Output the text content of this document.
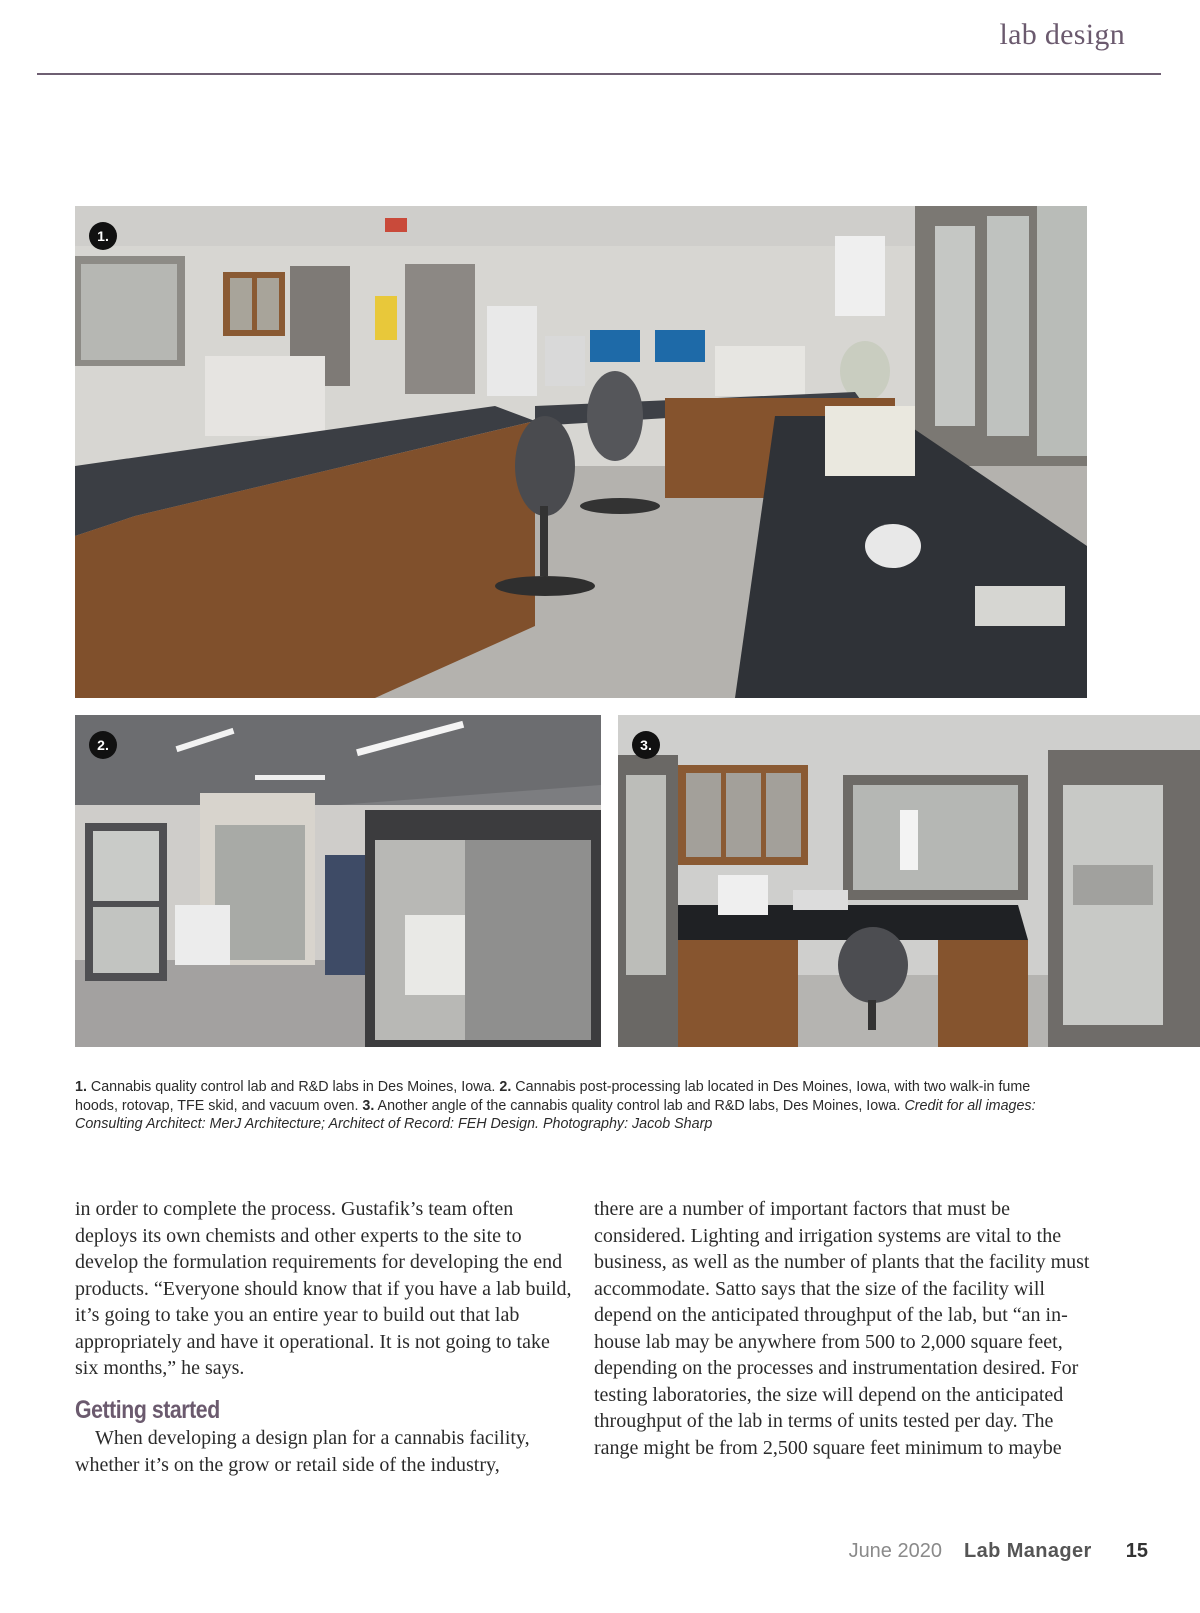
lab design
1.
2.	3.
1. Cannabis quality control lab and R&D labs in Des Moines, Iowa. 2. Cannabis post-processing lab located in Des Moines, Iowa, with two walk-in fume hoods, rotovap, TFE skid, and vacuum oven. 3. Another angle of the cannabis quality control lab and R&D labs, Des Moines, Iowa. Credit for all images: Consulting Architect: MerJ Architecture; Architect of Record: FEH Design. Photography: Jacob Sharp

in order to complete the process. Gustafik’s team often deploys its own chemists and other experts to the site to develop the formulation requirements for developing the end products. “Everyone should know that if you have a lab build, it’s going to take you an entire year to build out that lab appropriately and have it operational. It is not going to take six months,” he says.

Getting started

When developing a design plan for a cannabis facility, whether it’s on the grow or retail side of the industry,

there are a number of important factors that must be considered. Lighting and irrigation systems are vital to the business, as well as the number of plants that the facility must accommodate. Satto says that the size of the facility will depend on the anticipated throughput of the lab, but “an in-house lab may be anywhere from 500 to 2,000 square feet, depending on the processes and instrumentation desired. For testing laboratories, the size will depend on the anticipated throughput of the lab in terms of units tested per day. The range might be from 2,500 square feet minimum to maybe

June 2020 Lab Manager 15
